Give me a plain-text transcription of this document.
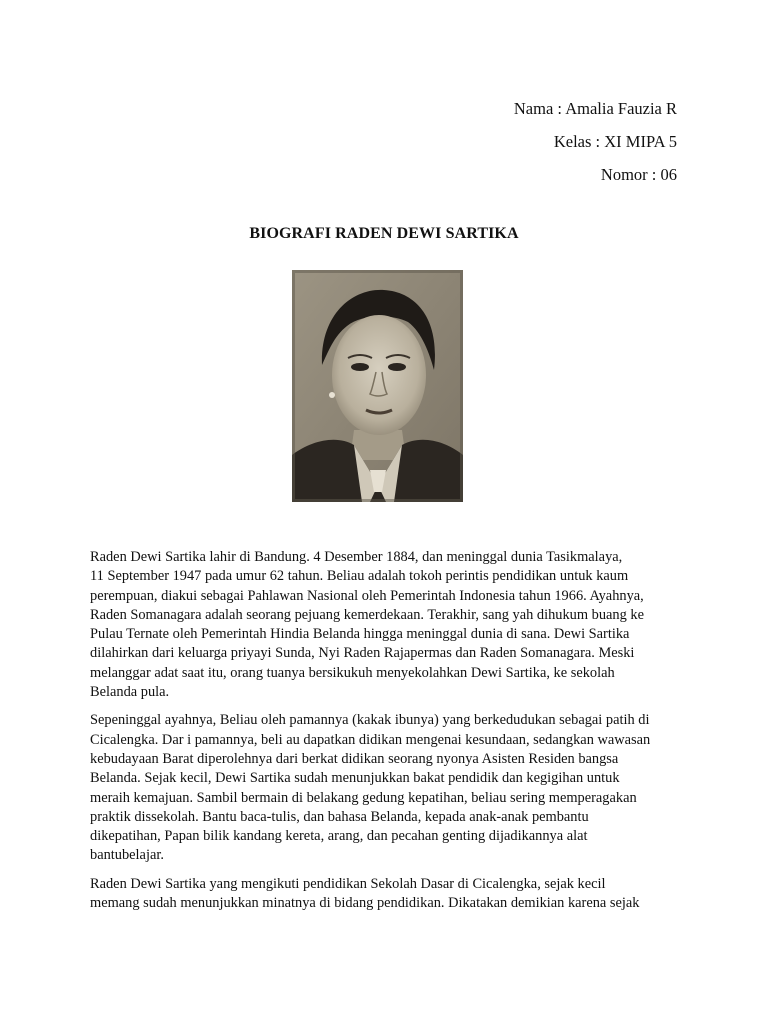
Nama : Amalia Fauzia R
Kelas : XI MIPA 5
Nomor : 06
BIOGRAFI RADEN DEWI SARTIKA

Raden Dewi Sartika lahir di Bandung. 4 Desember 1884, dan meninggal dunia Tasikmalaya,
11 September 1947 pada umur 62 tahun. Beliau adalah tokoh perintis pendidikan untuk kaum
perempuan, diakui sebagai Pahlawan Nasional oleh Pemerintah Indonesia tahun 1966. Ayahnya,
Raden Somanagara adalah seorang pejuang kemerdekaan. Terakhir, sang yah dihukum buang ke
Pulau Ternate oleh Pemerintah Hindia Belanda hingga meninggal dunia di sana. Dewi Sartika
dilahirkan dari keluarga priyayi Sunda, Nyi Raden Rajapermas dan Raden Somanagara. Meski
melanggar adat saat itu, orang tuanya bersikukuh menyekolahkan Dewi Sartika, ke sekolah
Belanda pula.

Sepeninggal ayahnya, Beliau oleh pamannya (kakak ibunya) yang berkedudukan sebagai patih di
Cicalengka. Dar i pamannya, beli au dapatkan didikan mengenai kesundaan, sedangkan wawasan
kebudayaan Barat diperolehnya dari berkat didikan seorang nyonya Asisten Residen bangsa
Belanda. Sejak kecil, Dewi Sartika sudah menunjukkan bakat pendidik dan kegigihan untuk
meraih kemajuan. Sambil bermain di belakang gedung kepatihan, beliau sering memperagakan
praktik dissekolah. Bantu baca-tulis, dan bahasa Belanda, kepada anak-anak pembantu
dikepatihan, Papan bilik kandang kereta, arang, dan pecahan genting dijadikannya alat
bantubelajar.

Raden Dewi Sartika yang mengikuti pendidikan Sekolah Dasar di Cicalengka, sejak kecil
memang sudah menunjukkan minatnya di bidang pendidikan. Dikatakan demikian karena sejak
